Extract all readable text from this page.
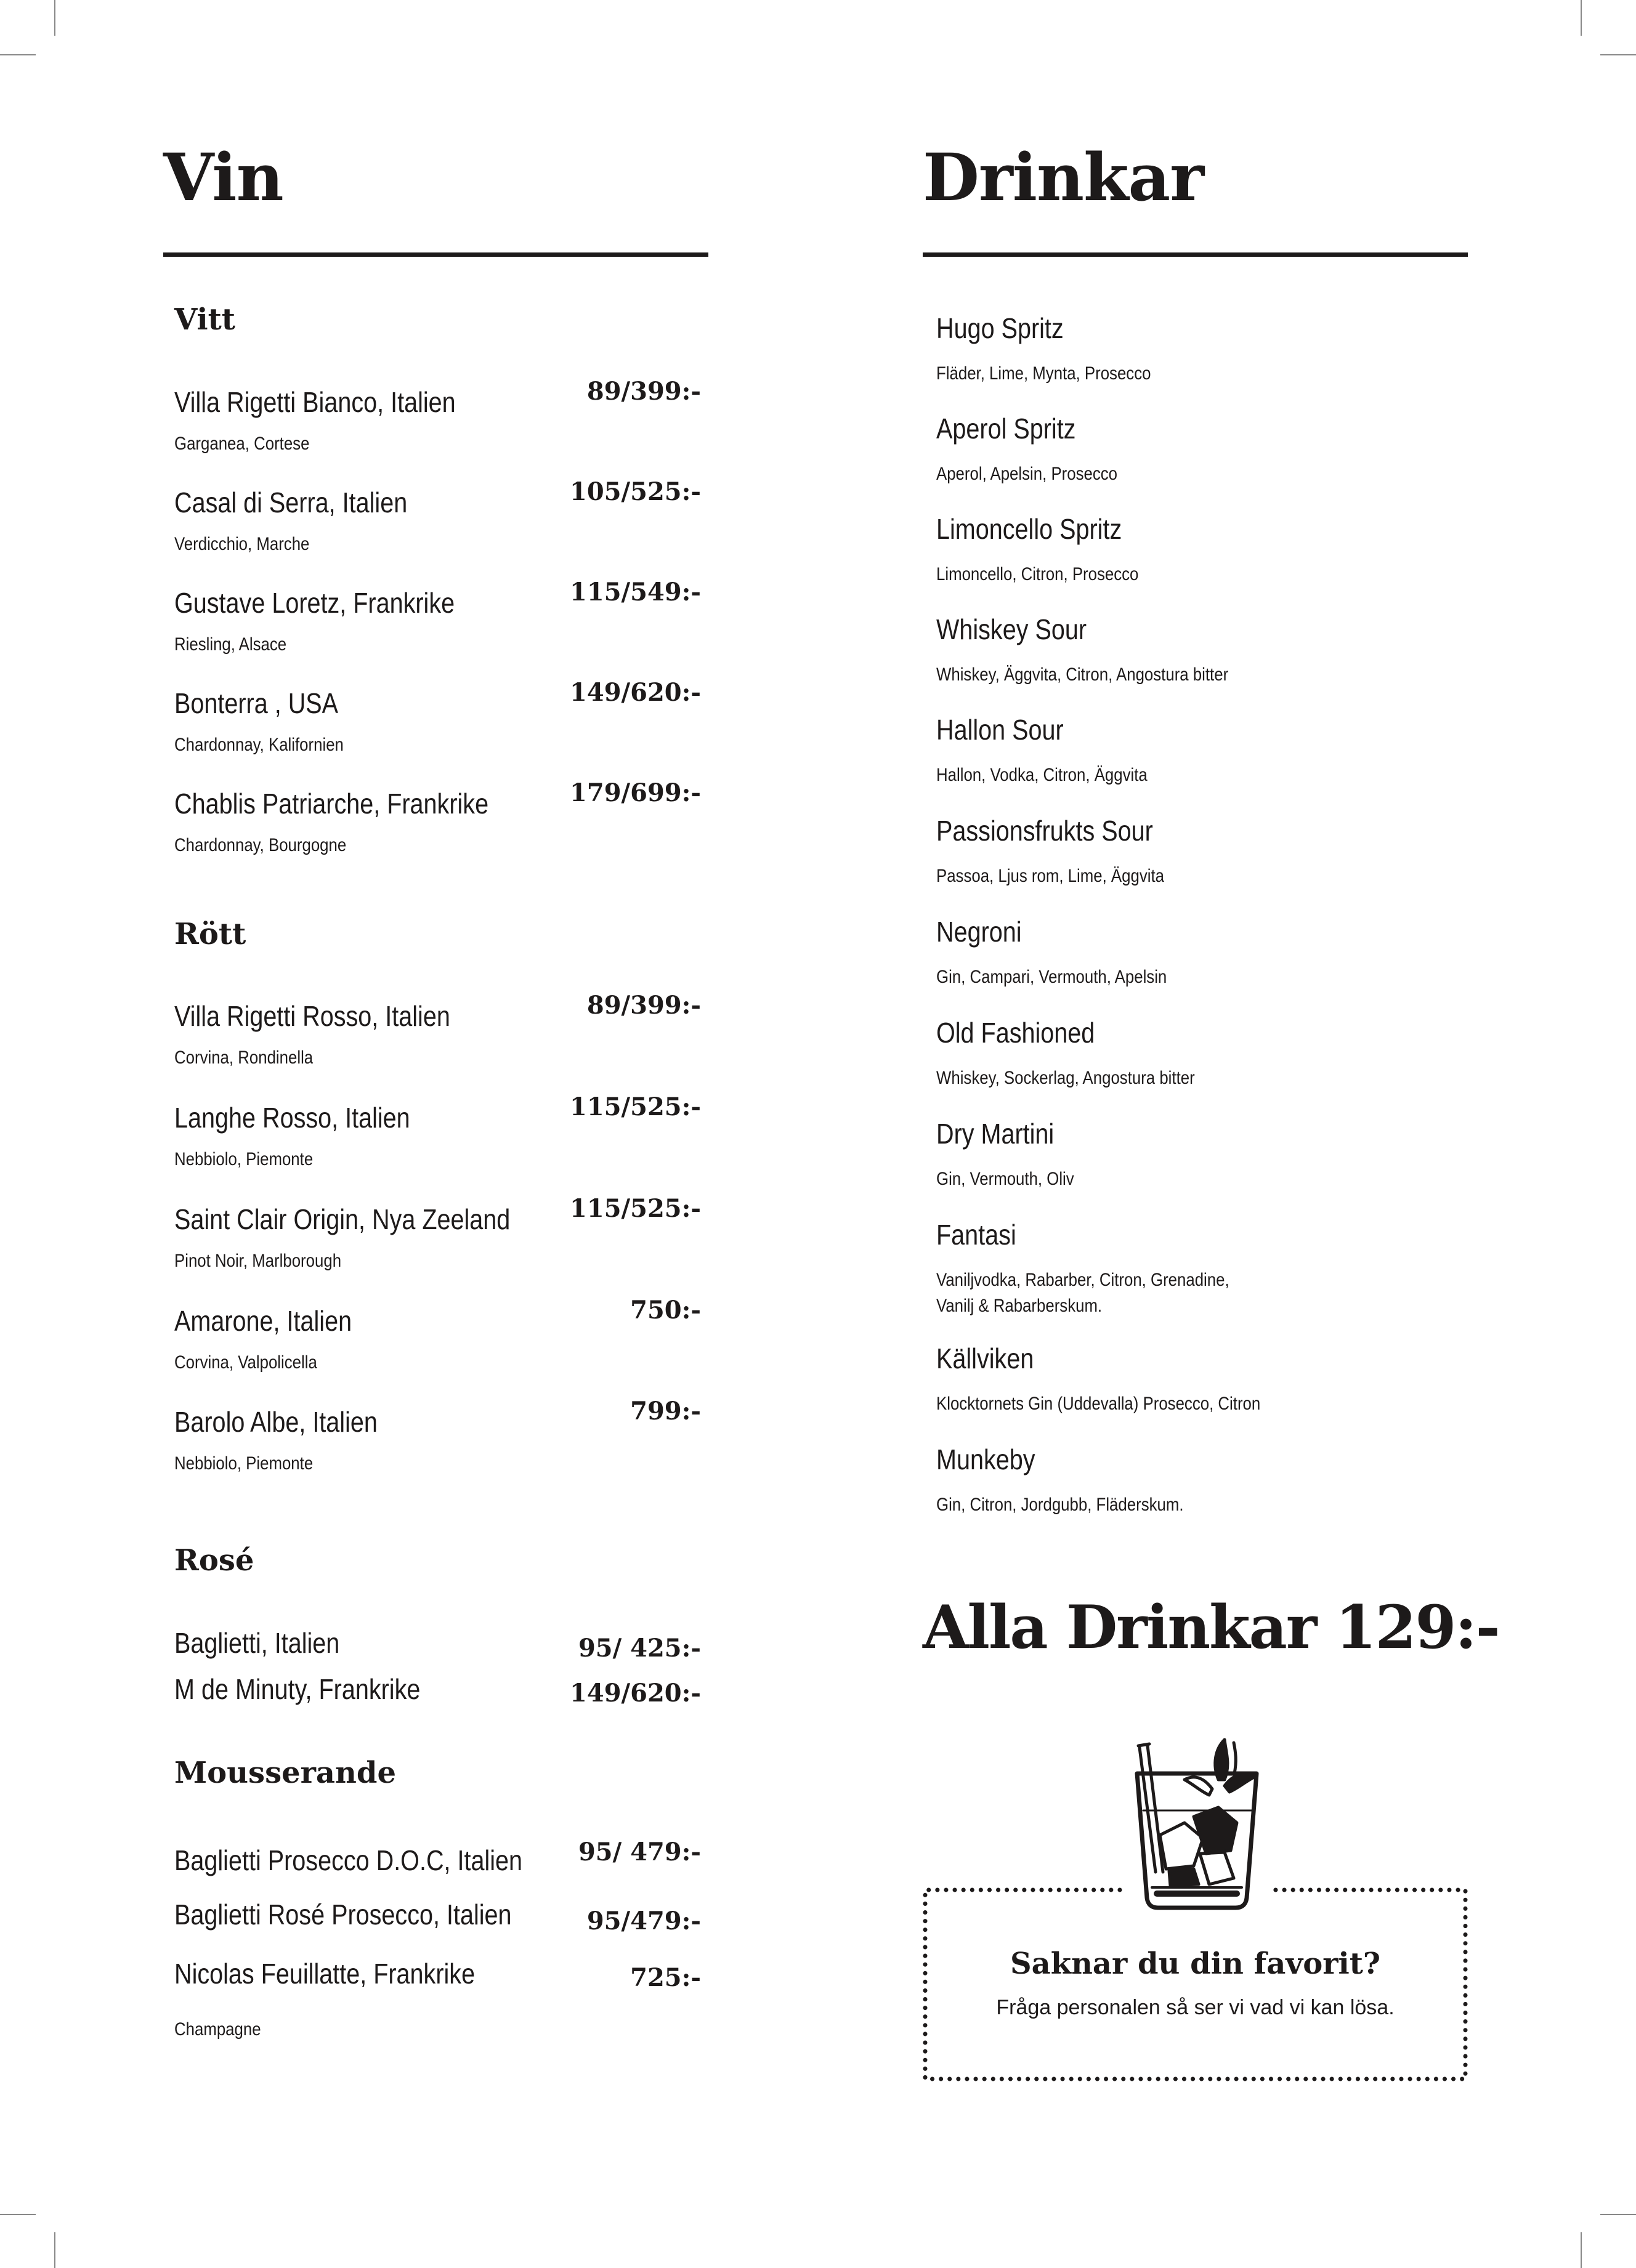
Vin
Vitt
Villa Rigetti Bianco, Italien
Garganea, Cortese
89/399:-
Casal di Serra, Italien
Verdicchio, Marche
105/525:-
Gustave Loretz, Frankrike
Riesling, Alsace
115/549:-
Bonterra , USA
Chardonnay, Kalifornien
149/620:-
Chablis Patriarche, Frankrike
Chardonnay, Bourgogne
179/699:-
Rött
Villa Rigetti Rosso, Italien
Corvina, Rondinella
89/399:-
Langhe Rosso, Italien
Nebbiolo, Piemonte
115/525:-
Saint Clair Origin, Nya Zeeland
Pinot Noir, Marlborough
115/525:-
Amarone, Italien
Corvina, Valpolicella
750:-
Barolo Albe, Italien
Nebbiolo, Piemonte
799:-
Rosé
Baglietti, Italien	95/ 425:-
M de Minuty, Frankrike	149/620:-
Mousserande
Baglietti Prosecco D.O.C, Italien	95/ 479:-
Baglietti Rosé Prosecco, Italien	95/479:-
Nicolas Feuillatte, Frankrike
Champagne
725:-
Drinkar
Hugo Spritz
Fläder, Lime, Mynta, Prosecco
Aperol Spritz
Aperol, Apelsin, Prosecco
Limoncello Spritz
Limoncello, Citron, Prosecco
Whiskey Sour
Whiskey, Äggvita, Citron, Angostura bitter
Hallon Sour
Hallon, Vodka, Citron, Äggvita
Passionsfrukts Sour
Passoa, Ljus rom, Lime, Äggvita
Negroni
Gin, Campari, Vermouth, Apelsin
Old Fashioned
Whiskey, Sockerlag, Angostura bitter
Dry Martini
Gin, Vermouth, Oliv
Fantasi
Vaniljvodka, Rabarber, Citron, Grenadine,
Vanilj & Rabarberskum.
Källviken
Klocktornets Gin (Uddevalla) Prosecco, Citron
Munkeby
Gin, Citron, Jordgubb, Fläderskum.
Alla Drinkar 129:-
Saknar du din favorit?
Fråga personalen så ser vi vad vi kan lösa.
